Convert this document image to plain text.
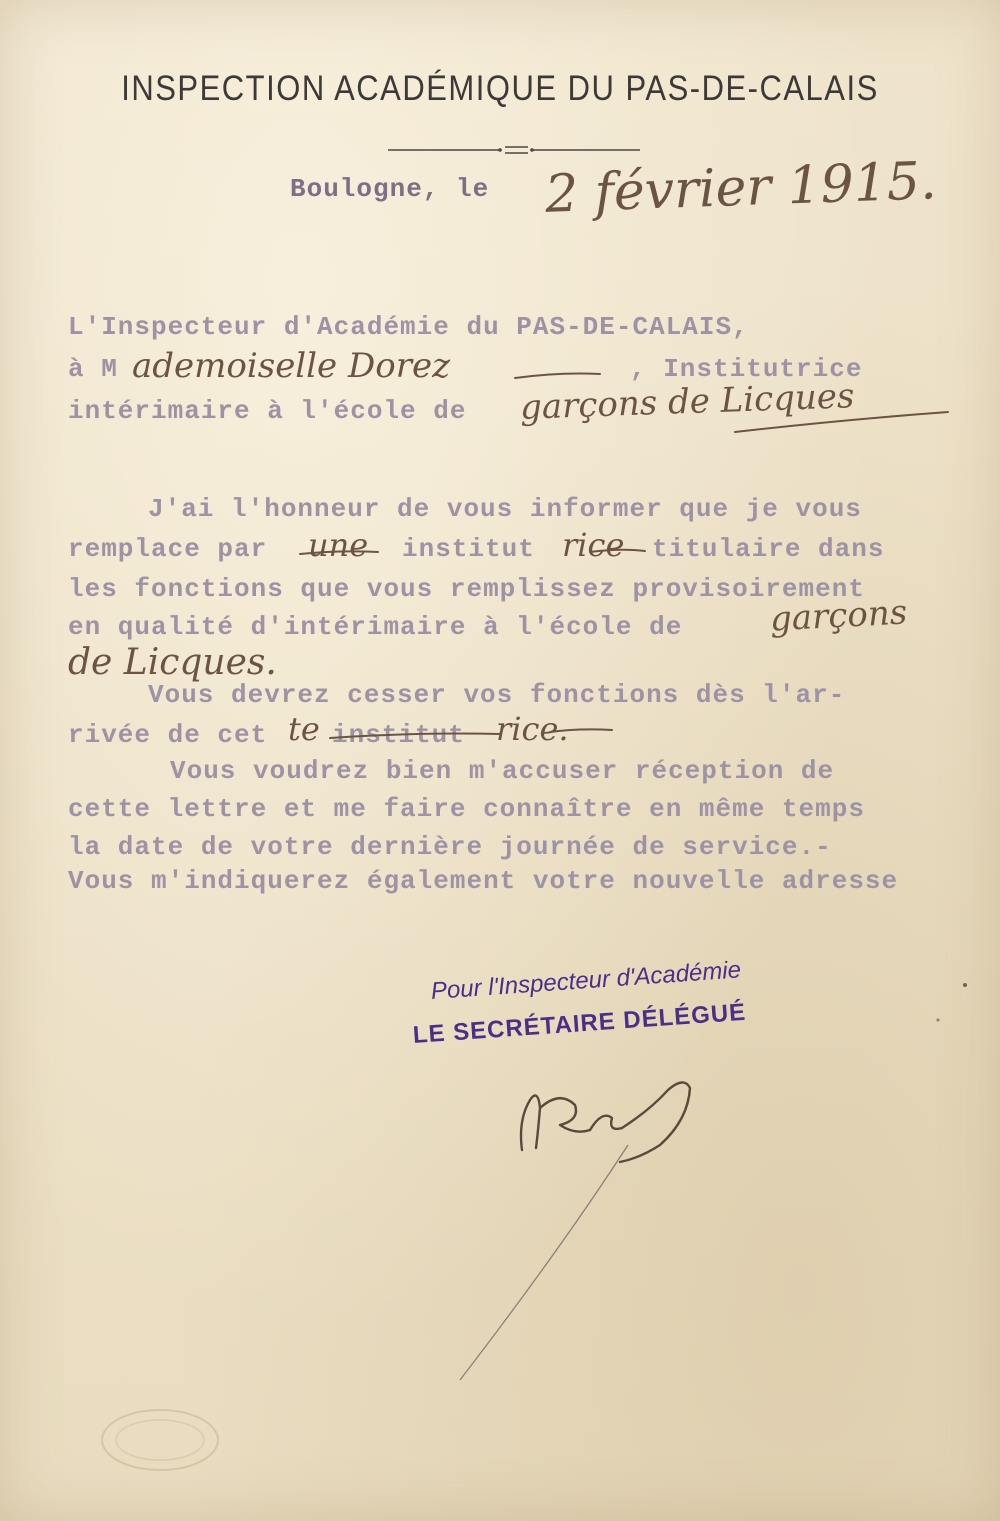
INSPECTION ACADÉMIQUE DU PAS-DE-CALAIS
Boulogne, le 2 février 1915.
L'Inspecteur d'Académie du PAS-DE-CALAIS,
à M ademoiselle Dorez	, Institutrice
intérimaire à l'école de garçons de Licques
J'ai l'honneur de vous informer que je vous
remplace par une institut rice titulaire dans
les fonctions que vous remplissez provisoirement
en qualité d'intérimaire à l'école de	garçons
de Licques.
Vous devrez cesser vos fonctions dès l'ar-
rivée de cet te institut rice.
Vous voudrez bien m'accuser réception de
cette lettre et me faire connaître en même temps
la date de votre dernière journée de service.-
Vous m'indiquerez également votre nouvelle adresse
Pour l'Inspecteur d'Académie
LE SECRÉTAIRE DÉLÉGUÉ
